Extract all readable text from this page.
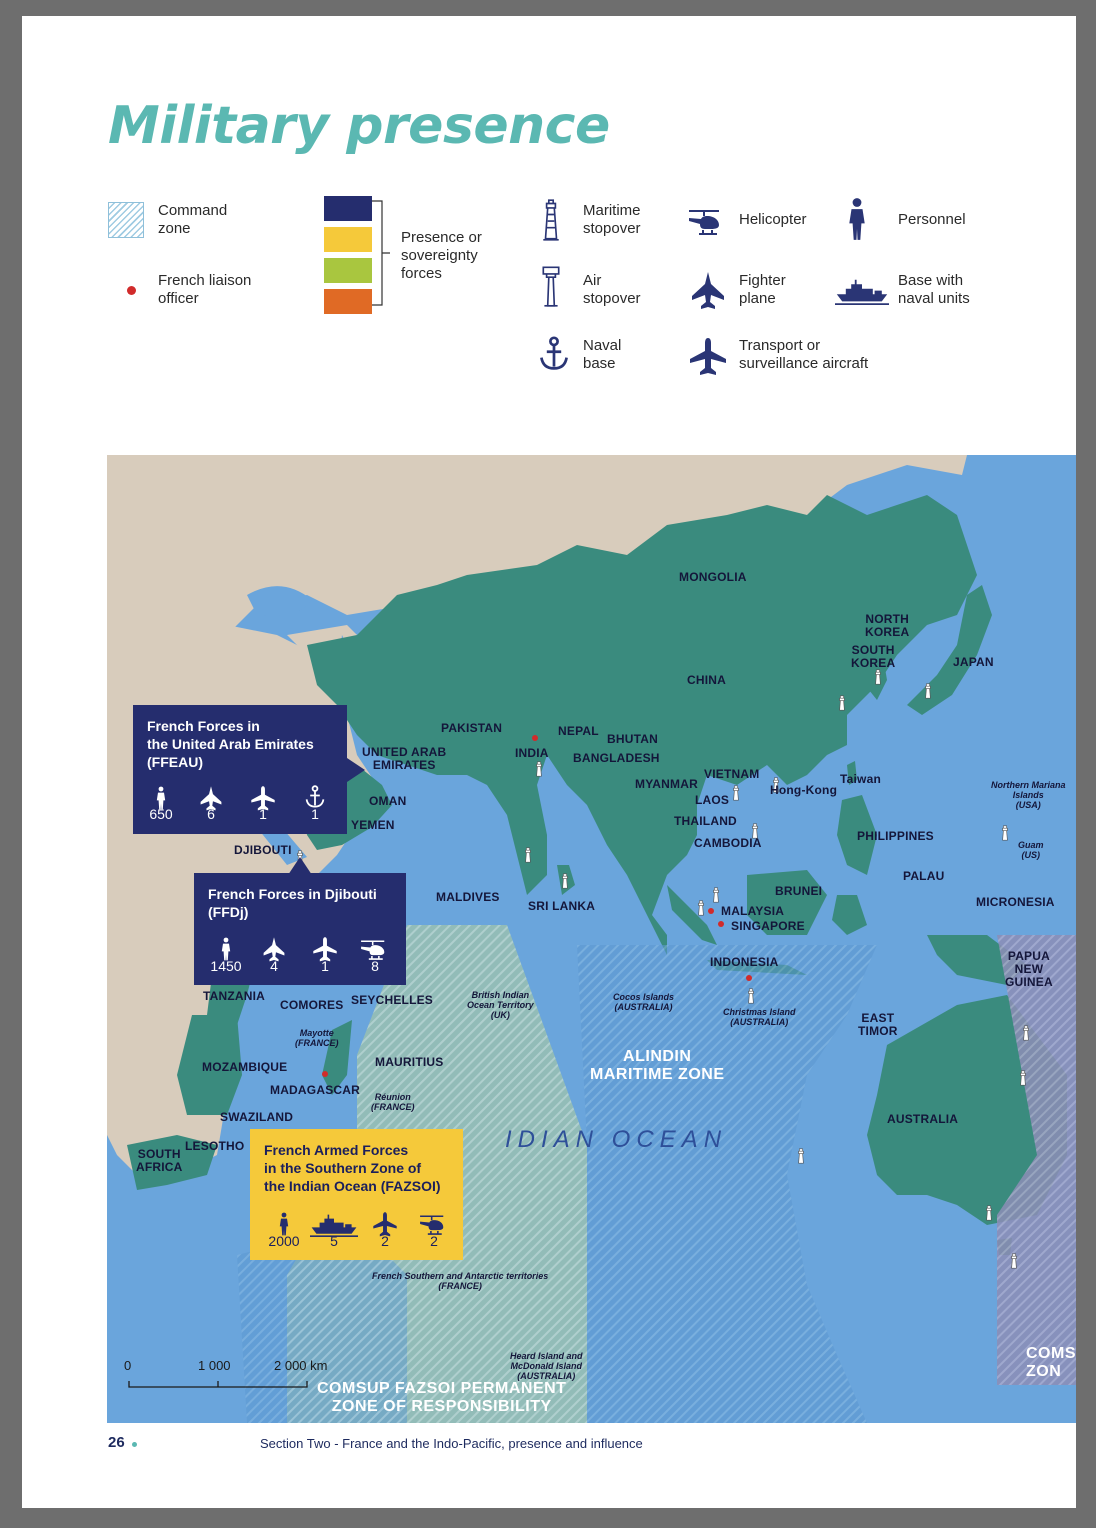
Military presence
Command
zone
French liaison
officer
Presence or
sovereignty
forces
Maritime
stopover
Air
stopover
Naval
base
Helicopter
Fighter
plane
Transport or
surveillance aircraft
Personnel
Base with
naval units
MONGOLIA
NORTH
KOREA
SOUTH
KOREA	JAPAN
CHINA
PAKISTAN	NEPAL
BHUTAN
INDIA BANGLADESH
UNITED ARAB
EMIRATES
VIETNAM
MYANMAR	Taiwan
Hong-Kong
LAOS
THAILAND
CAMBODIA	PHILIPPINES
OMAN
YEMEN
DJIBOUTI
PALAU
BRUNEI
MALDIVES
SRI LANKA	MALAYSIA
SINGAPORE
MICRONESIA
INDONESIA	PAPUA
NEW
GUINEA
TANZANIA
COMORES SEYCHELLES
EAST
TIMOR
MOZAMBIQUE	MAURITIUS
MADAGASCAR
SWAZILAND	AUSTRALIA
SOUTH
AFRICA
LESOTHO
Northern Mariana
Islands
(USA)
Guam
(US)
British Indian
Ocean Territory
(UK)
Cocos Islands
(AUSTRALIA)	Christmas Island
(AUSTRALIA)
Mayotte
(FRANCE)
Réunion
(FRANCE)
French Southern and Antarctic territories
(FRANCE)
Heard Island and
McDonald Island
(AUSTRALIA)
IDIAN OCEAN
ALINDIN
MARITIME ZONE
COMSUP FAZSOI PERMANENT
ZONE OF RESPONSIBILITY
COMS
ZON
0	1 000	2 000 km
French Forces in
the United Arab Emirates
(FFEAU)
650	6	1	1
French Forces in Djibouti
(FFDj)
1450	4	1	8
French Armed Forces
in the Southern Zone of
the Indian Ocean (FAZSOI)
2000	5	2	2
26	Section Two - France and the Indo-Pacific, presence and influence
